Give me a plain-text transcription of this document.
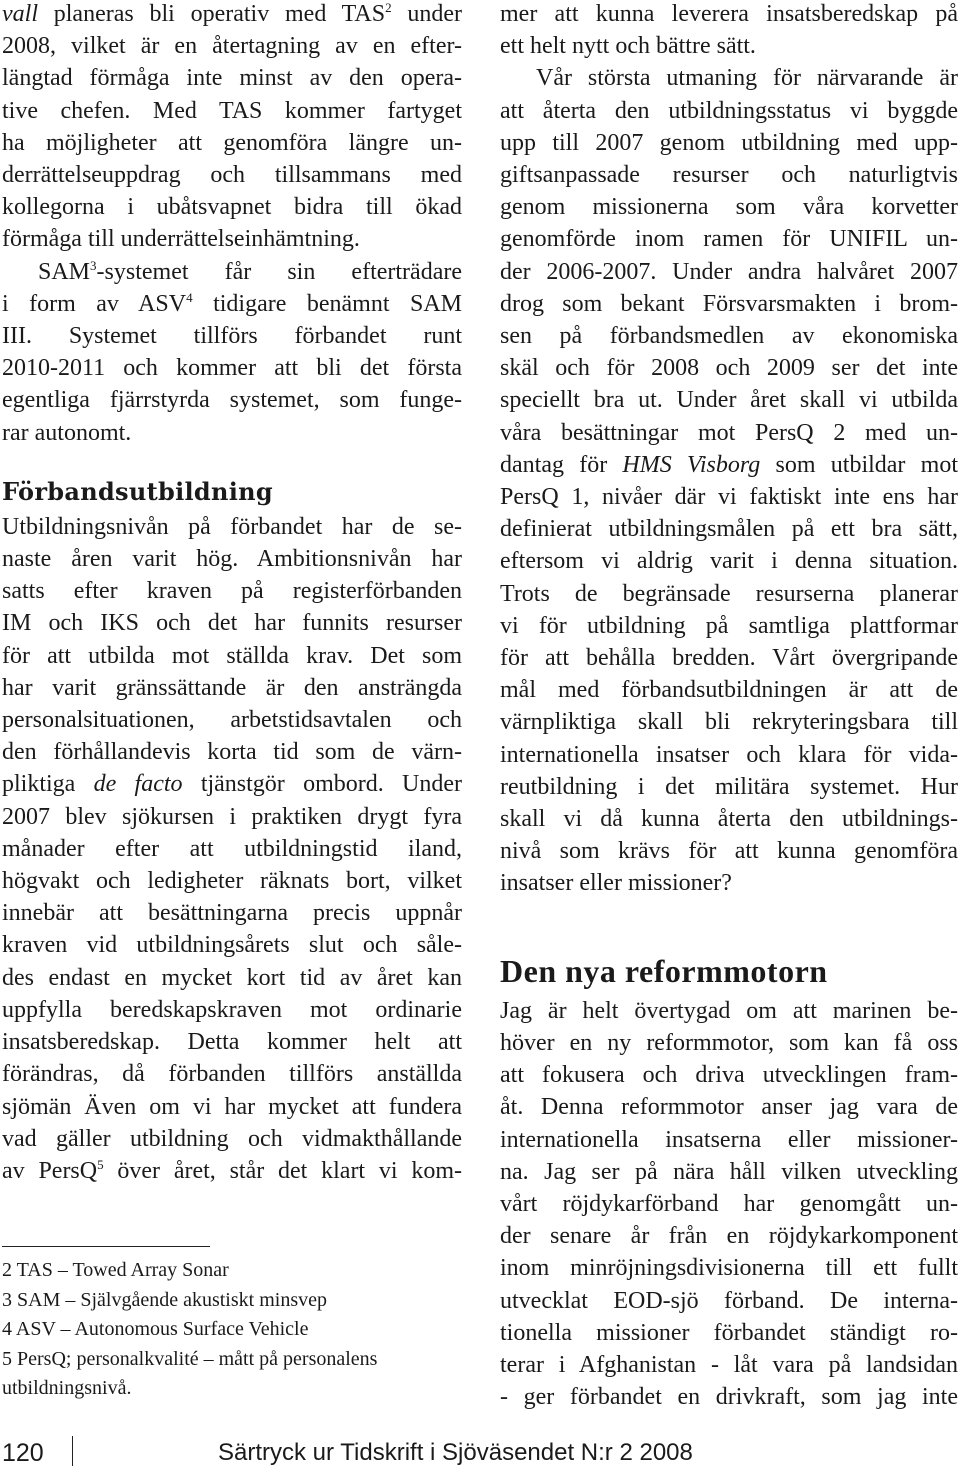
vall planeras bli operativ med TAS$^2$ under
2008, vilket är en återtagning av en efter-
längtad förmåga inte minst av den opera-
tive chefen. Med TAS kommer fartyget
ha möjligheter att genomföra längre un-
derrättelseuppdrag och tillsammans med
kollegorna i ubåtsvapnet bidra till ökad
förmåga till underrättelseinhämtning.
SAM$^3$-systemet får sin efterträdare
i form av ASV$^4$ tidigare benämnt SAM
III. Systemet tillförs förbandet runt
2010-2011 och kommer att bli det första
egentliga fjärrstyrda systemet, som funge-
rar autonomt.
Förbandsutbildning
Utbildningsnivån på förbandet har de se-
naste åren varit hög. Ambitionsnivån har
satts efter kraven på registerförbanden
IM och IKS och det har funnits resurser
för att utbilda mot ställda krav. Det som
har varit gränssättande är den ansträngda
personalsituationen, arbetstidsavtalen och
den förhållandevis korta tid som de värn-
pliktiga de facto tjänstgör ombord. Under
2007 blev sjökursen i praktiken drygt fyra
månader efter att utbildningstid iland,
högvakt och ledigheter räknats bort, vilket
innebär att besättningarna precis uppnår
kraven vid utbildningsårets slut och såle-
des endast en mycket kort tid av året kan
uppfylla beredskapskraven mot ordinarie
insatsberedskap. Detta kommer helt att
förändras, då förbanden tillförs anställda
sjömän Även om vi har mycket att fundera
vad gäller utbildning och vidmakthållande
av PersQ$^5$ över året, står det klart vi kom-
2 TAS – Towed Array Sonar
3 SAM – Självgående akustiskt minsvep
4 ASV – Autonomous Surface Vehicle
5 PersQ; personalkvalité – mått på personalens
utbildningsnivå.
mer att kunna leverera insatsberedskap på
ett helt nytt och bättre sätt.
Vår största utmaning för närvarande är
att återta den utbildningsstatus vi byggde
upp till 2007 genom utbildning med upp-
giftsanpassade resurser och naturligtvis
genom missionerna som våra korvetter
genomförde inom ramen för UNIFIL un-
der 2006-2007. Under andra halvåret 2007
drog som bekant Försvarsmakten i brom-
sen på förbandsmedlen av ekonomiska
skäl och för 2008 och 2009 ser det inte
speciellt bra ut. Under året skall vi utbilda
våra besättningar mot PersQ 2 med un-
dantag för HMS Visborg som utbildar mot
PersQ 1, nivåer där vi faktiskt inte ens har
definierat utbildningsmålen på ett bra sätt,
eftersom vi aldrig varit i denna situation.
Trots de begränsade resurserna planerar
vi för utbildning på samtliga plattformar
för att behålla bredden. Vårt övergripande
mål med förbandsutbildningen är att de
värnpliktiga skall bli rekryteringsbara till
internationella insatser och klara för vida-
reutbildning i det militära systemet. Hur
skall vi då kunna återta den utbildnings-
nivå som krävs för att kunna genomföra
insatser eller missioner?
Den nya reformmotorn
Jag är helt övertygad om att marinen be-
höver en ny reformmotor, som kan få oss
att fokusera och driva utvecklingen fram-
åt. Denna reformmotor anser jag vara de
internationella insatserna eller missioner-
na. Jag ser på nära håll vilken utveckling
vårt röjdykarförband har genomgått un-
der senare år från en röjdykarkomponent
inom minröjningsdivisionerna till ett fullt
utvecklat EOD-sjö förband. De interna-
tionella missioner förbandet ständigt ro-
terar i Afghanistan - låt vara på landsidan
- ger förbandet en drivkraft, som jag inte
120	Särtryck ur Tidskrift i Sjöväsendet N:r 2 2008
